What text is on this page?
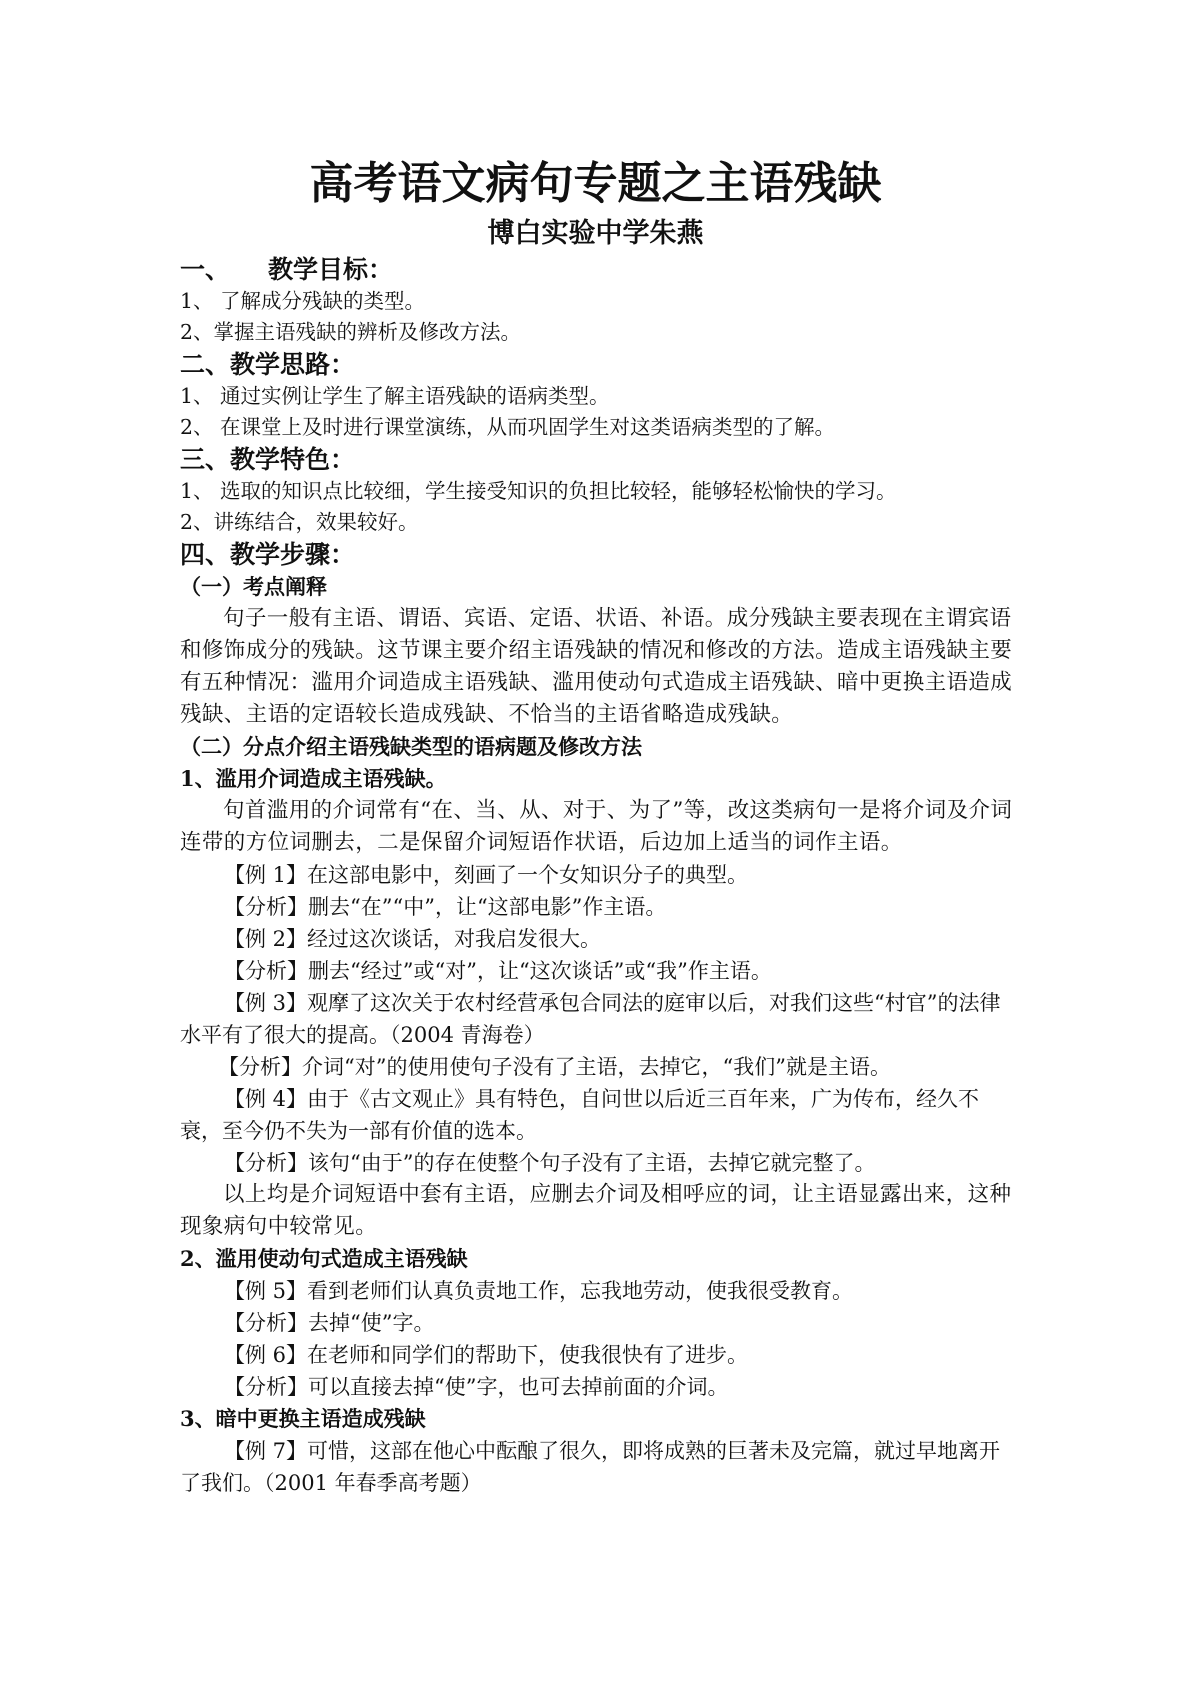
高考语文病句专题之主语残缺
博白实验中学朱燕
一、 教学目标：

1、 了解成分残缺的类型。

2、掌握主语残缺的辨析及修改方法。

二、教学思路：

1、 通过实例让学生了解主语残缺的语病类型。

2、 在课堂上及时进行课堂演练，从而巩固学生对这类语病类型的了解。

三、教学特色：

1、 选取的知识点比较细，学生接受知识的负担比较轻，能够轻松愉快的学习。

2、讲练结合，效果较好。

四、教学步骤：
（一）考点阐释

句子一般有主语、谓语、宾语、定语、状语、补语。成分残缺主要表现在主谓宾语和修饰成分的残缺。这节课主要介绍主语残缺的情况和修改的方法。造成主语残缺主要有五种情况：滥用介词造成主语残缺、滥用使动句式造成主语残缺、暗中更换主语造成残缺、主语的定语较长造成残缺、不恰当的主语省略造成残缺。

（二）分点介绍主语残缺类型的语病题及修改方法
1、滥用介词造成主语残缺。

句首滥用的介词常有“在、当、从、对于、为了”等，改这类病句一是将介词及介词连带的方位词删去，二是保留介词短语作状语，后边加上适当的词作主语。

【例 1】在这部电影中，刻画了一个女知识分子的典型。

【分析】删去“在”“中”，让“这部电影”作主语。

【例 2】经过这次谈话，对我启发很大。

【分析】删去“经过”或“对”，让“这次谈话”或“我”作主语。

【例 3】观摩了这次关于农村经营承包合同法的庭审以后，对我们这些“村官”的法律水平有了很大的提高。（2004 青海卷）

【分析】介词“对”的使用使句子没有了主语，去掉它，“我们”就是主语。

【例 4】由于《古文观止》具有特色，自问世以后近三百年来，广为传布，经久不衰，至今仍不失为一部有价值的选本。

【分析】该句“由于”的存在使整个句子没有了主语，去掉它就完整了。

以上均是介词短语中套有主语，应删去介词及相呼应的词，让主语显露出来，这种现象病句中较常见。

2、滥用使动句式造成主语残缺

【例 5】看到老师们认真负责地工作，忘我地劳动，使我很受教育。

【分析】去掉“使”字。

【例 6】在老师和同学们的帮助下，使我很快有了进步。

【分析】可以直接去掉“使”字，也可去掉前面的介词。

3、暗中更换主语造成残缺

【例 7】可惜，这部在他心中酝酿了很久，即将成熟的巨著未及完篇，就过早地离开了我们。（2001 年春季高考题）
